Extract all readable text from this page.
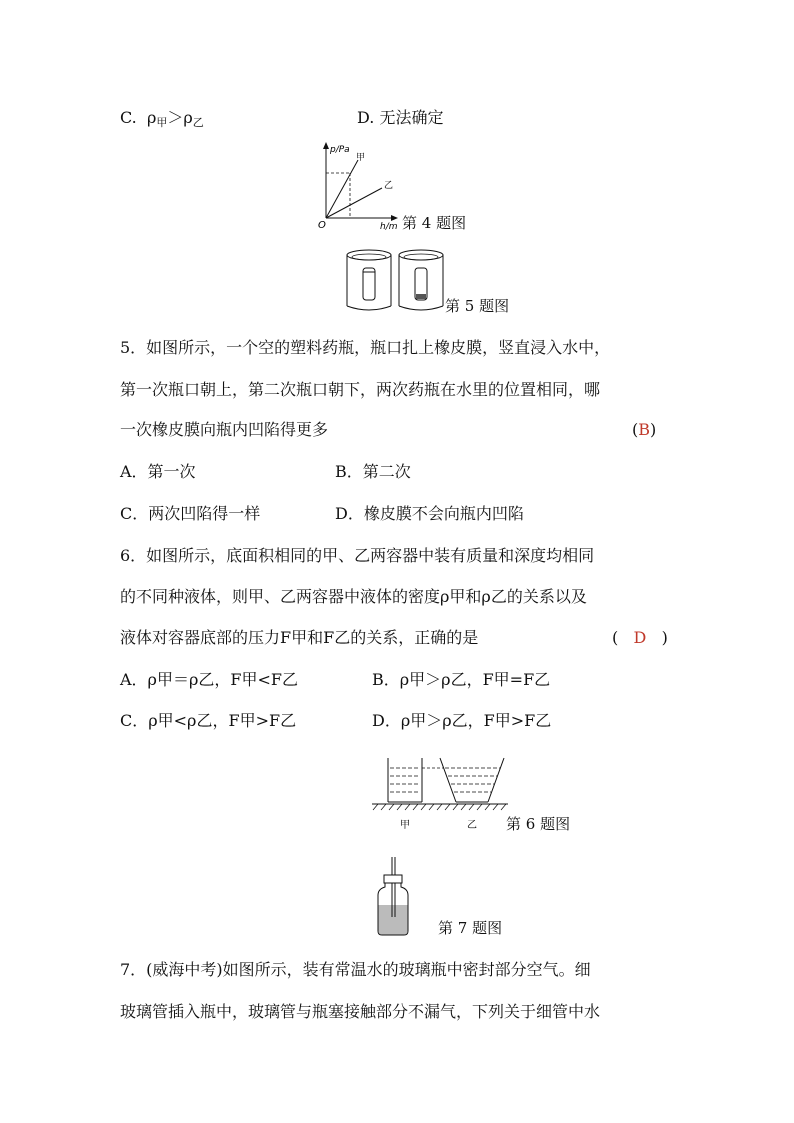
C. $\rho_甲>\rho_乙$	D. 无法确定
p/Pa
甲
乙
O	h/m 第 4 题图
第 5 题图
5．如图所示，一个空的塑料药瓶，瓶口扎上橡皮膜，竖直浸入水中，
第一次瓶口朝上，第二次瓶口朝下，两次药瓶在水里的位置相同，哪
一次橡皮膜向瓶内凹陷得更多	(B)
A．第一次	B．第二次
C．两次凹陷得一样	D．橡皮膜不会向瓶内凹陷
6．如图所示，底面积相同的甲、乙两容器中装有质量和深度均相同
的不同种液体，则甲、乙两容器中液体的密度ρ甲和ρ乙的关系以及
液体对容器底部的压力F甲和F乙的关系，正确的是	(   D   )
A．ρ甲＝ρ乙，F甲<F乙	B．ρ甲＞ρ乙，F甲=F乙
C．ρ甲<ρ乙，F甲>F乙	D．ρ甲＞ρ乙，F甲>F乙
甲	乙 第 6 题图
第 7 题图
7．(威海中考)如图所示，装有常温水的玻璃瓶中密封部分空气。细
玻璃管插入瓶中，玻璃管与瓶塞接触部分不漏气，下列关于细管中水
